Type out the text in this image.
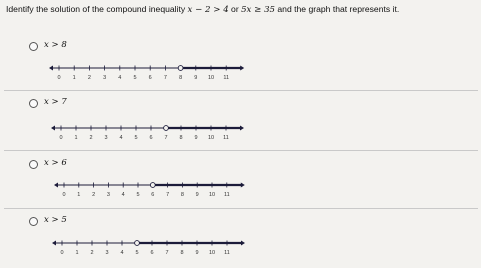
Identify the solution of the compound inequality x − 2 > 4 or 5x ≥ 35 and the graph that represents it.
x > 8
0 1 2 3 4 5 6 7 8 9 10 11
x > 7
0 1 2 3 4 5 6 7 8 9 10 11
x > 6
0 1 2 3 4 5 6 7 8 9 10 11
x > 5
0 1 2 3 4 5 6 7 8 9 10 11
